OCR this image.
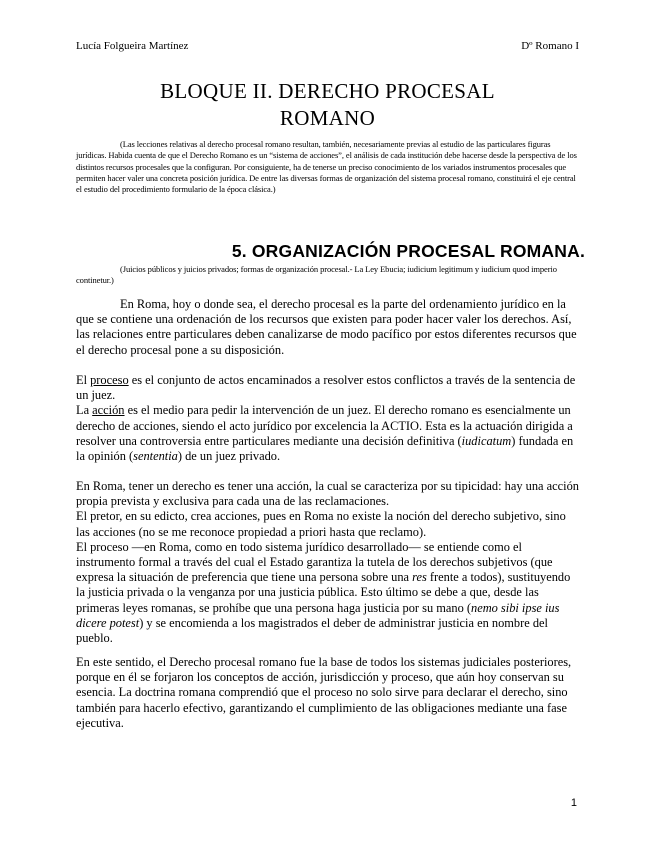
Lucía Folgueira Martínez	Dº Romano I
BLOQUE II. DERECHO PROCESAL
ROMANO
(Las lecciones relativas al derecho procesal romano resultan, también, necesariamente previas al estudio de las particulares figuras jurídicas. Habida cuenta de que el Derecho Romano es un “sistema de acciones”, el análisis de cada institución debe hacerse desde la perspectiva de los distintos recursos procesales que la configuran. Por consiguiente, ha de tenerse un preciso conocimiento de los variados instrumentos procesales que permiten hacer valer una concreta posición jurídica. De entre las diversas formas de organización del sistema procesal romano, constituirá el eje central el estudio del procedimiento formulario de la época clásica.)
5. ORGANIZACIÓN PROCESAL ROMANA.
(Juicios públicos y juicios privados; formas de organización procesal.- La Ley Ebucia; iudicium legitimum y iudicium quod imperio continetur.)
En Roma, hoy o donde sea, el derecho procesal es la parte del ordenamiento jurídico en la que se contiene una ordenación de los recursos que existen para poder hacer valer los derechos. Así, las relaciones entre particulares deben canalizarse de modo pacífico por estos diferentes recursos que el derecho procesal pone a su disposición.
El proceso es el conjunto de actos encaminados a resolver estos conflictos a través de la sentencia de un juez.
La acción es el medio para pedir la intervención de un juez. El derecho romano es esencialmente un derecho de acciones, siendo el acto jurídico por excelencia la ACTIO. Esta es la actuación dirigida a resolver una controversia entre particulares mediante una decisión definitiva (iudicatum) fundada en la opinión (sententia) de un juez privado.
En Roma, tener un derecho es tener una acción, la cual se caracteriza por su tipicidad: hay una acción propia prevista y exclusiva para cada una de las reclamaciones.
El pretor, en su edicto, crea acciones, pues en Roma no existe la noción del derecho subjetivo, sino las acciones (no se me reconoce propiedad a priori hasta que reclamo).
El proceso —en Roma, como en todo sistema jurídico desarrollado— se entiende como el instrumento formal a través del cual el Estado garantiza la tutela de los derechos subjetivos (que expresa la situación de preferencia que tiene una persona sobre una res frente a todos), sustituyendo la justicia privada o la venganza por una justicia pública. Esto último se debe a que, desde las primeras leyes romanas, se prohíbe que una persona haga justicia por su mano (nemo sibi ipse ius dicere potest) y se encomienda a los magistrados el deber de administrar justicia en nombre del pueblo.
En este sentido, el Derecho procesal romano fue la base de todos los sistemas judiciales posteriores, porque en él se forjaron los conceptos de acción, jurisdicción y proceso, que aún hoy conservan su esencia. La doctrina romana comprendió que el proceso no solo sirve para declarar el derecho, sino también para hacerlo efectivo, garantizando el cumplimiento de las obligaciones mediante una fase ejecutiva.
1
